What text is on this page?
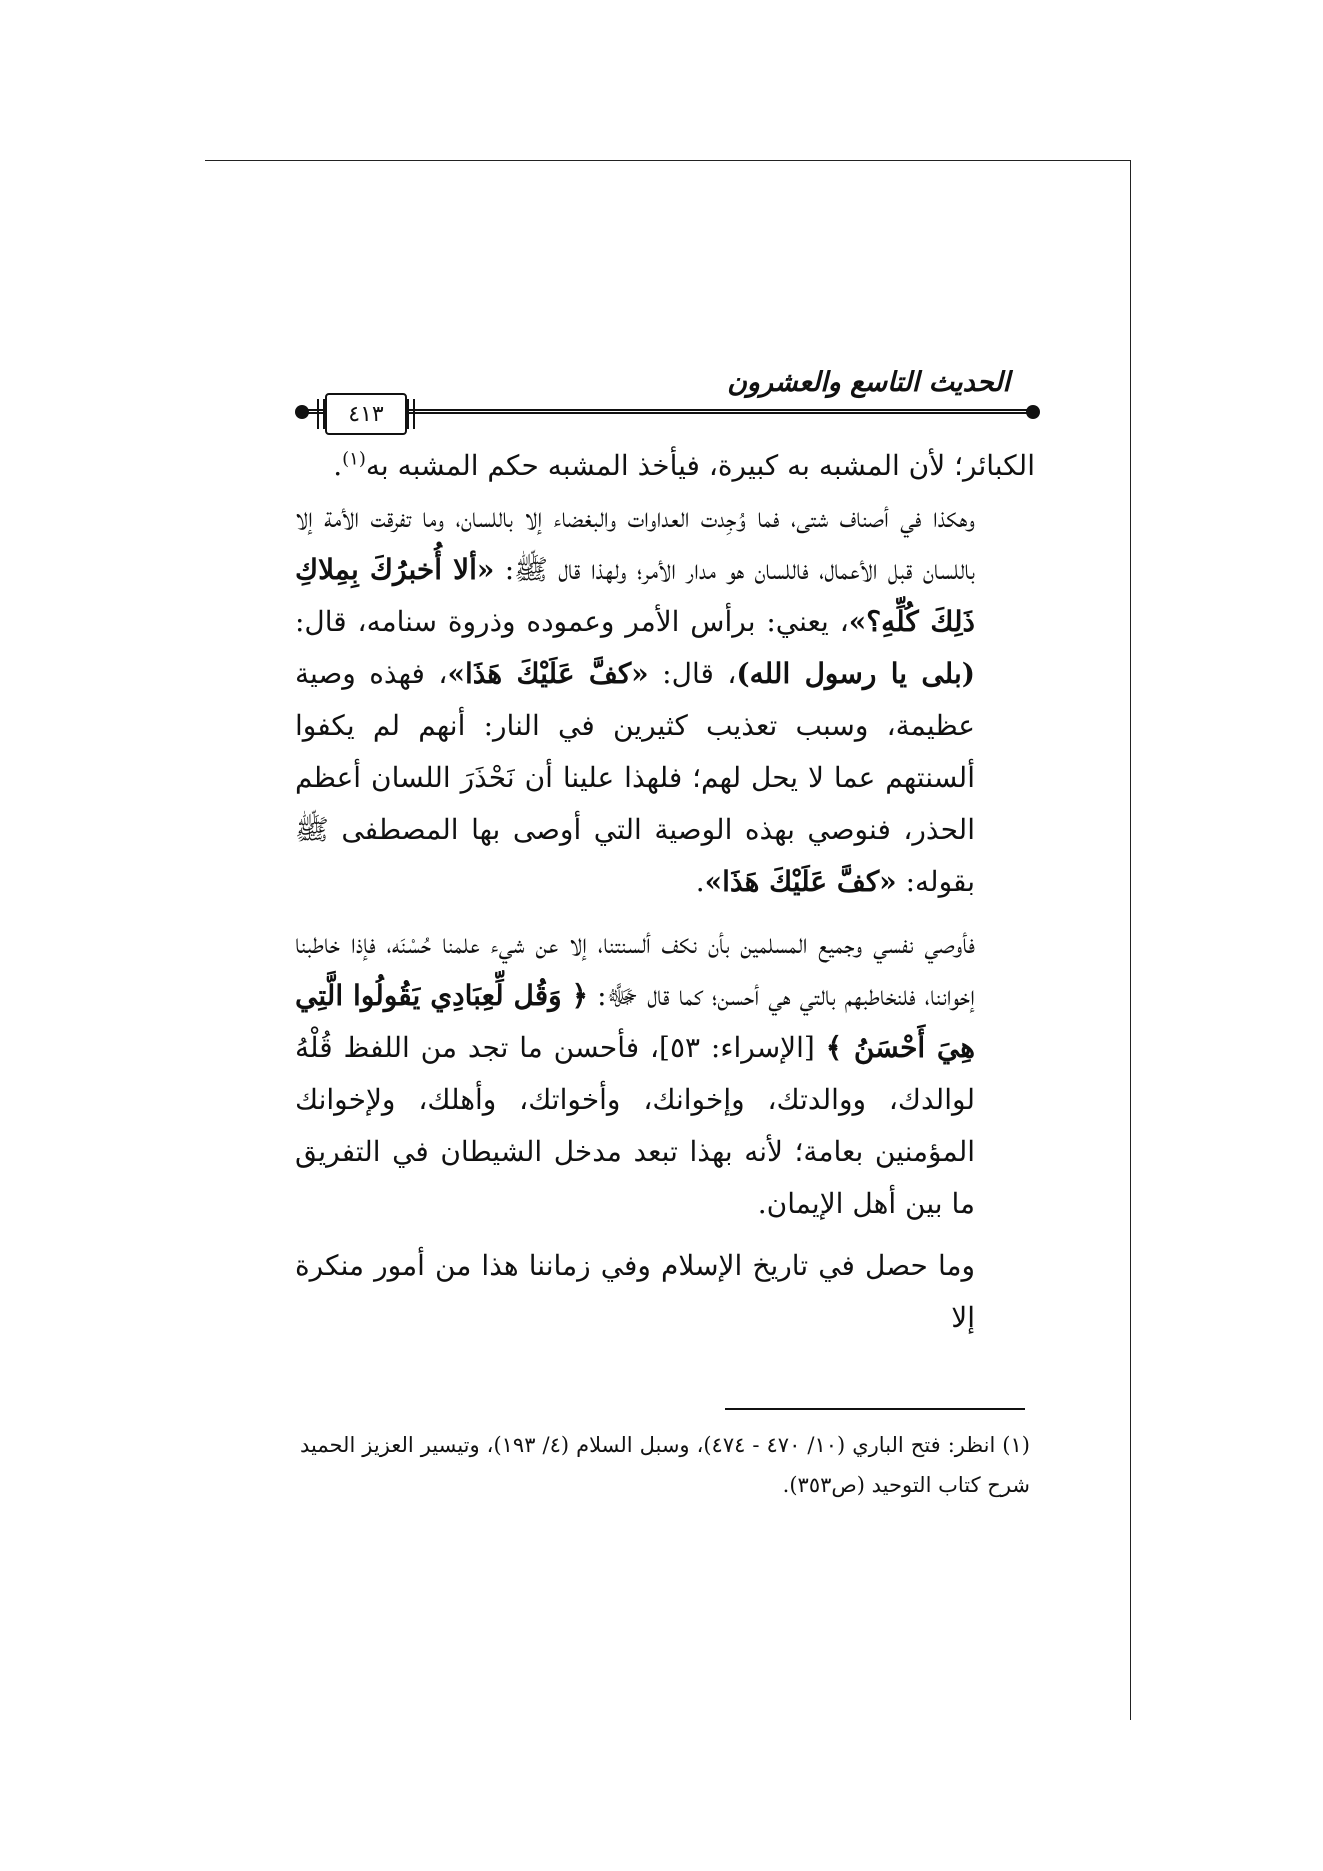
٤١٣
الحديث التاسع والعشرون

الكبائر؛ لأن المشبه به كبيرة، فيأخذ المشبه حكم المشبه به$^{(١)}$.

وهكذا في أصناف شتى، فما وُجِدت العداوات والبغضاء إلا باللسان، وما تفرقت الأمة إلا باللسان قبل الأعمال، فاللسان هو مدار الأمر؛ ولهذا قال ﷺ: «ألا أُخبرُكَ بِمِلاكِ ذَلِكَ كُلِّهِ؟»، يعني: برأس الأمر وعموده وذروة سنامه، قال: (بلى يا رسول الله)، قال: «كفَّ عَلَيْكَ هَذَا»، فهذه وصية عظيمة، وسبب تعذيب كثيرين في النار: أنهم لم يكفوا ألسنتهم عما لا يحل لهم؛ فلهذا علينا أن نَحْذَرَ اللسان أعظم الحذر، فنوصي بهذه الوصية التي أوصى بها المصطفى ﷺ بقوله: «كفَّ عَلَيْكَ هَذَا».

فأوصي نفسي وجميع المسلمين بأن نكف ألسنتنا، إلا عن شيء علمنا حُسْنَه، فإذا خاطبنا إخواننا، فلنخاطبهم بالتي هي أحسن؛ كما قال ﷻ: ﴿ وَقُل لِّعِبَادِي يَقُولُوا الَّتِي هِيَ أَحْسَنُ ﴾ [الإسراء: ٥٣]، فأحسن ما تجد من اللفظ قُلْهُ لوالدك، ووالدتك، وإخوانك، وأخواتك، وأهلك، ولإخوانك المؤمنين بعامة؛ لأنه بهذا تبعد مدخل الشيطان في التفريق ما بين أهل الإيمان.

وما حصل في تاريخ الإسلام وفي زماننا هذا من أمور منكرة إلا

(١) انظر: فتح الباري (١٠/ ٤٧٠ - ٤٧٤)، وسبل السلام (٤/ ١٩٣)، وتيسير العزيز الحميد شرح كتاب التوحيد (ص٣٥٣).
